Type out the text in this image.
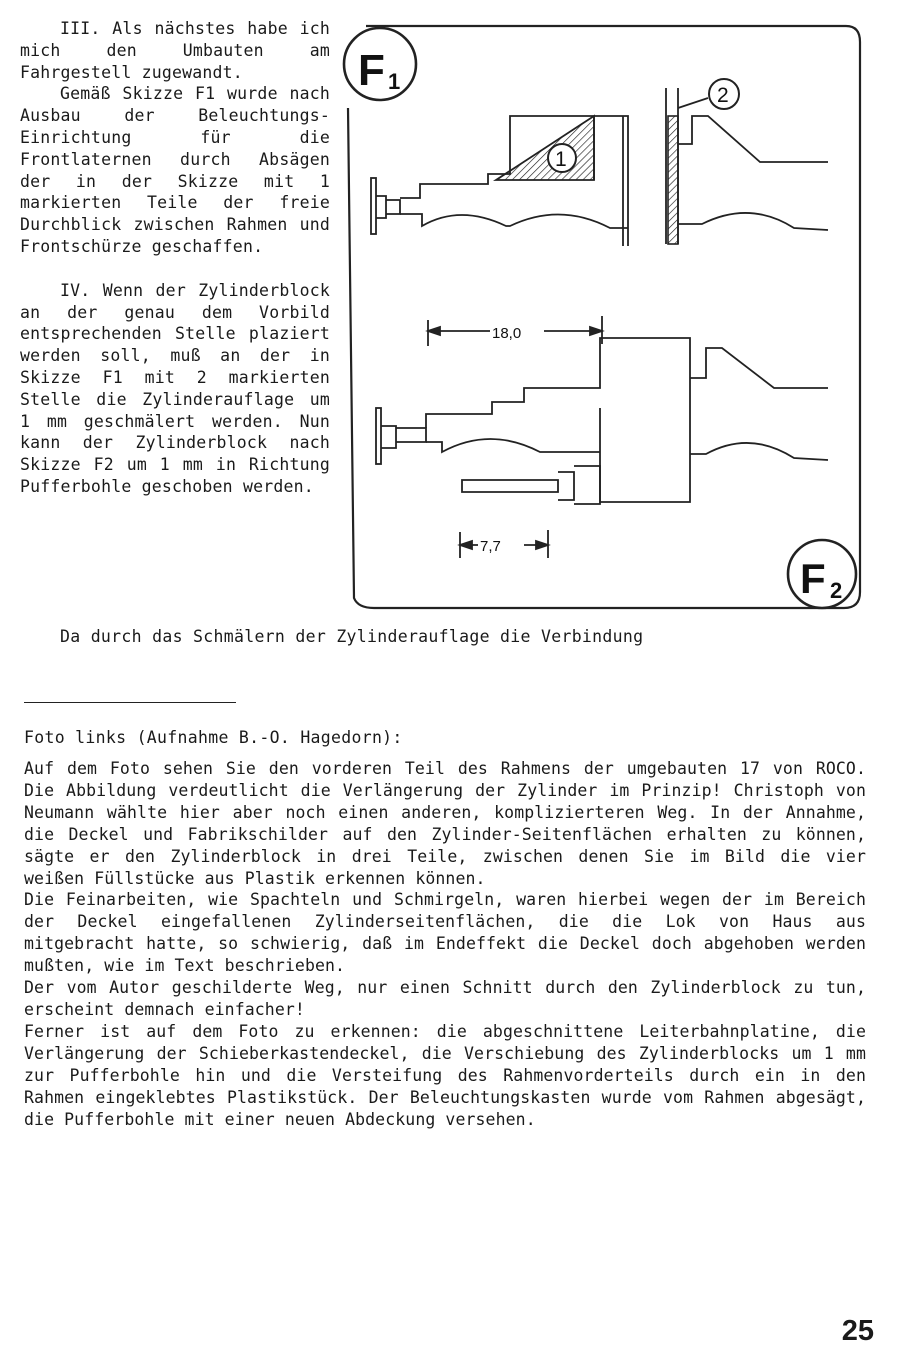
III. Als nächstes habe ich mich den Umbauten am Fahrgestell zugewandt.

Gemäß Skizze F1 wurde nach Ausbau der Beleuchtungs-Einrichtung für die Frontlaternen durch Absägen der in der Skizze mit 1 markierten Teile der freie Durchblick zwischen Rahmen und Frontschürze geschaffen.

IV. Wenn der Zylinderblock an der genau dem Vorbild entsprechenden Stelle plaziert werden soll, muß an der in Skizze F1 mit 2 markierten Stelle die Zylinderauflage um 1 mm geschmälert werden. Nun kann der Zylinderblock nach Skizze F2 um 1 mm in Richtung Pufferbohle geschoben werden.

F 1
F 2
1
2
18,0
7,7
Da durch das Schmälern der Zylinderauflage die Verbindung
Foto links (Aufnahme B.-O. Hagedorn):

Auf dem Foto sehen Sie den vorderen Teil des Rahmens der umgebauten 17 von ROCO. Die Abbildung verdeutlicht die Verlängerung der Zylinder im Prinzip! Christoph von Neumann wählte hier aber noch einen anderen, komplizierteren Weg. In der Annahme, die Deckel und Fabrikschilder auf den Zylinder-Seitenflächen erhalten zu können, sägte er den Zylinderblock in drei Teile, zwischen denen Sie im Bild die vier weißen Füllstücke aus Plastik erkennen können.

Die Feinarbeiten, wie Spachteln und Schmirgeln, waren hierbei wegen der im Bereich der Deckel eingefallenen Zylinderseitenflächen, die die Lok von Haus aus mitgebracht hatte, so schwierig, daß im Endeffekt die Deckel doch abgehoben werden mußten, wie im Text beschrieben.

Der vom Autor geschilderte Weg, nur einen Schnitt durch den Zylinderblock zu tun, erscheint demnach einfacher!

Ferner ist auf dem Foto zu erkennen: die abgeschnittene Leiterbahnplatine, die Verlängerung der Schieberkastendeckel, die Verschiebung des Zylinderblocks um 1 mm zur Pufferbohle hin und die Versteifung des Rahmenvorderteils durch ein in den Rahmen eingeklebtes Plastikstück. Der Beleuchtungskasten wurde vom Rahmen abgesägt, die Pufferbohle mit einer neuen Abdeckung versehen.

25
